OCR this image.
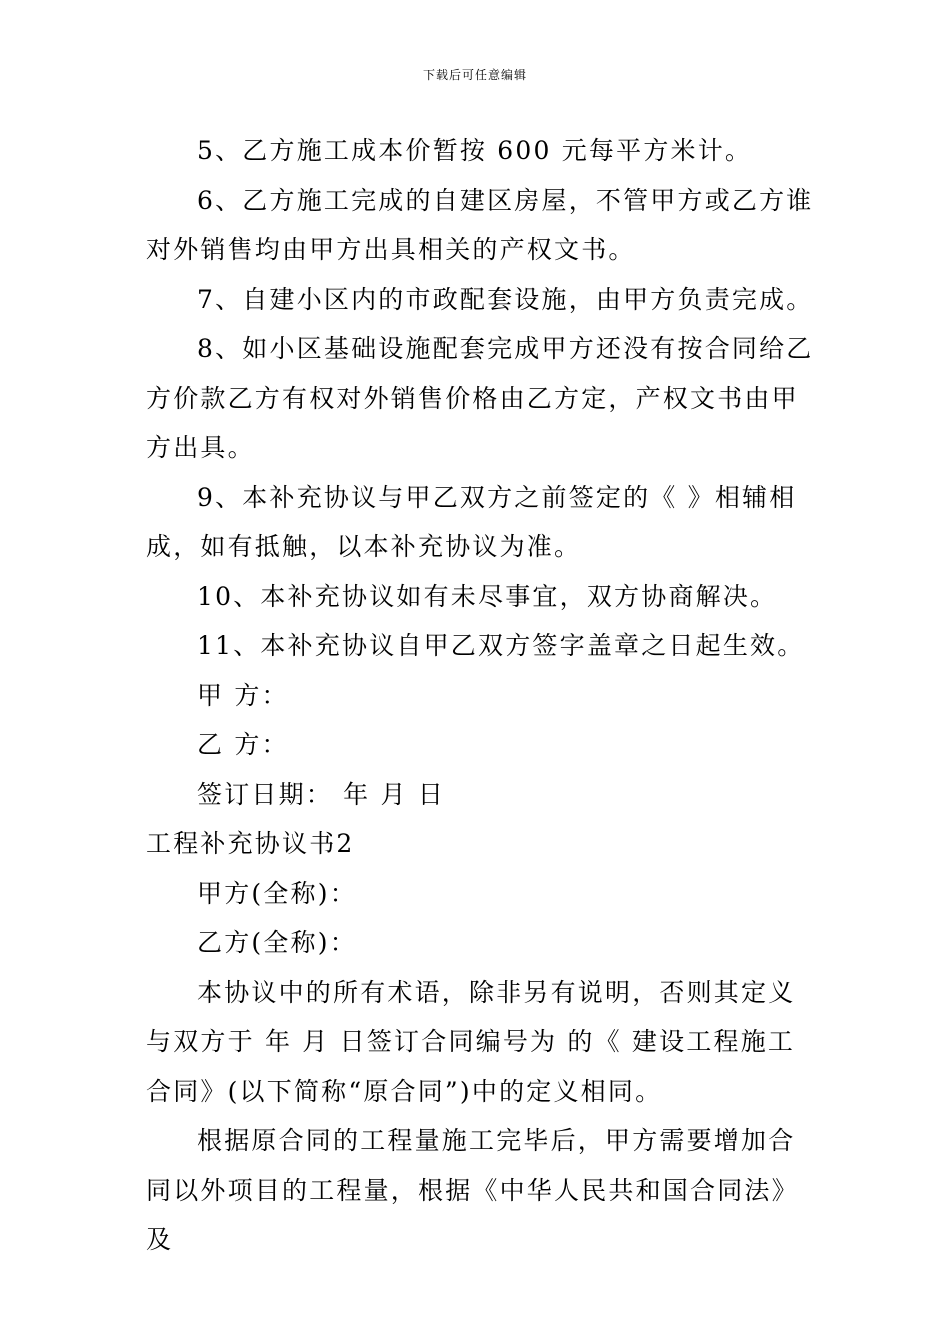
下载后可任意编辑

5、乙方施工成本价暂按 600 元每平方米计。

6、乙方施工完成的自建区房屋，不管甲方或乙方谁对外销售均由甲方出具相关的产权文书。

7、自建小区内的市政配套设施，由甲方负责完成。

8、如小区基础设施配套完成甲方还没有按合同给乙方价款乙方有权对外销售价格由乙方定，产权文书由甲方出具。

9、本补充协议与甲乙双方之前签定的《 》相辅相成，如有抵触，以本补充协议为准。

10、本补充协议如有未尽事宜，双方协商解决。

11、本补充协议自甲乙双方签字盖章之日起生效。

甲 方：

乙 方：

签订日期： 年 月 日

工程补充协议书2

甲方(全称)：

乙方(全称)：

本协议中的所有术语，除非另有说明，否则其定义与双方于 年 月 日签订合同编号为 的《 建设工程施工合同》(以下简称“原合同”)中的定义相同。

根据原合同的工程量施工完毕后，甲方需要增加合同以外项目的工程量，根据《中华人民共和国合同法》及
